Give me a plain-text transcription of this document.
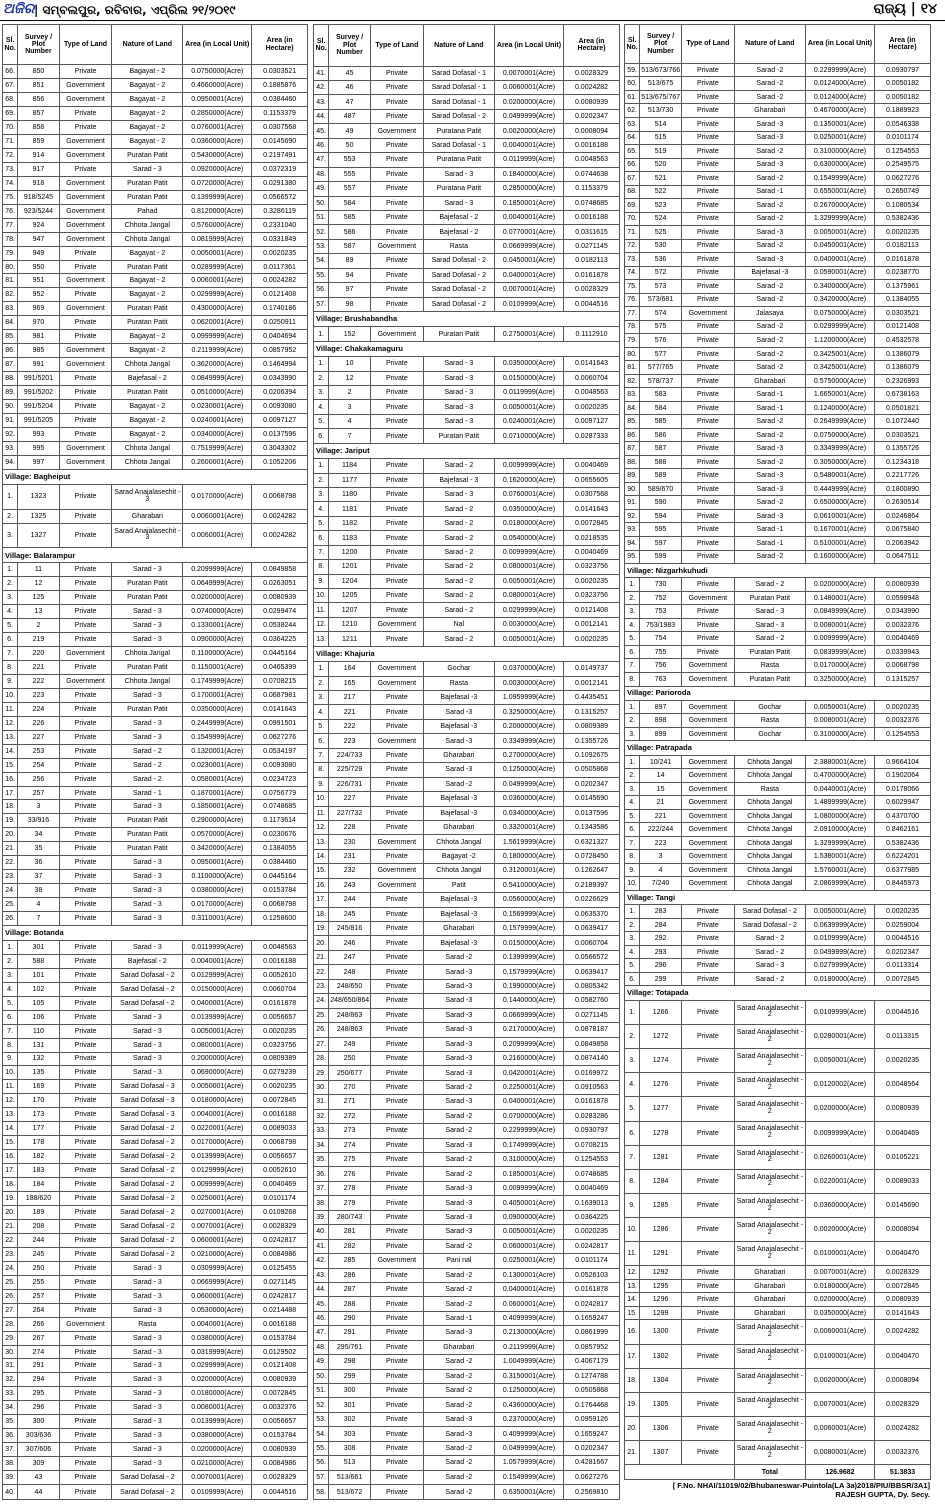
ଅଜିର | ସମ୍ବଲପୁର, ରବିବାର, ଏପ୍ରିଲ ୨୧/୨୦୧୯	ରାଜ୍ୟ | ୧୪
Sl. No.	Survey / Plot Number	Type of Land	Nature of Land	Area (in Local Unit)	Area (in Hectare)
66.	850	Private	Bagayat - 2	0.0750000(Acre)	0.0303521
67.	851	Government	Bagayat - 2	0.4660000(Acre)	0.1885876
68.	856	Government	Bagayat - 2	0.0950001(Acre)	0.0384460
69.	857	Private	Bagayat - 2	0.2850000(Acre)	0.1153379
70.	858	Private	Bagayat - 2	0.0760001(Acre)	0.0307568
71.	859	Government	Bagayat - 2	0.0360000(Acre)	0.0145690
72.	914	Government	Puratan Patit	0.5430000(Acre)	0.2197491
73.	917	Private	Sarad - 3	0.0920000(Acre)	0.0372319
74.	918	Government	Puratan Patit	0.0720000(Acre)	0.0291380
75.	918/5245	Government	Puratan Patit	0.1399999(Acre)	0.0566572
76.	923/5244	Government	Pahad	0.8120000(Acre)	0.3286119
77.	924	Government	Chhota Jangal	0.5760000(Acre)	0.2331040
78.	947	Government	Chhota Jangal	0.0819999(Acre)	0.0331849
79.	949	Private	Bagayat - 2	0.0050001(Acre)	0.0020235
80.	950	Private	Puratan Patit	0.0289999(Acre)	0.0117361
81.	951	Government	Bagayat - 2	0.0060001(Acre)	0.0024282
82.	952	Private	Bagayat - 2	0.0299999(Acre)	0.0121408
83.	969	Government	Puratan Patit	0.4300000(Acre)	0.1740186
84.	970	Private	Puratan Patit	0.0620001(Acre)	0.0250911
85.	981	Private	Bagayat - 2	0.0999999(Acre)	0.0404694
86.	985	Government	Bagayat - 2	0.2119999(Acre)	0.0857952
87.	991	Government	Chhota Jangal	0.3620000(Acre)	0.1464994
88.	991/5201	Private	Bajefasal - 2	0.0849999(Acre)	0.0343990
89.	991/5202	Private	Puratan Patit	0.0510000(Acre)	0.0206394
90.	991/5204	Private	Bagayat - 2	0.0230001(Acre)	0.0093080
91.	991/5205	Private	Bagayat - 2	0.0240001(Acre)	0.0097127
92.	993	Private	Bagayat - 2	0.0340000(Acre)	0.0137596
93.	995	Government	Chhota Jangal	0.7519999(Acre)	0.3043302
94.	997	Government	Chhota Jangal	0.2600001(Acre)	0.1052206
Village: Bagheiput					
1.	1323	Private	Sarad Anajalasechit - 3	0.0170000(Acre)	0.0068798
2.	1325	Private	Gharabari	0.0060001(Acre)	0.0024282
3.	1327	Private	Sarad Anajalasechit - 3	0.0060001(Acre)	0.0024282
Village: Balarampur					
1.	11	Private	Sarad - 3	0.2099999(Acre)	0.0849858
2.	12	Private	Puratan Patit	0.0649999(Acre)	0.0263051
3.	125	Private	Puratan Patit	0.0200000(Acre)	0.0080939
4.	13	Private	Sarad - 3	0.0740000(Acre)	0.0299474
5.	2	Private	Sarad - 3	0.1330001(Acre)	0.0538244
6.	219	Private	Sarad - 3	0.0900000(Acre)	0.0364225
7.	220	Government	Chhota Jangal	0.1100000(Acre)	0.0445164
8.	221	Private	Puratan Patit	0.1150001(Acre)	0.0465399
9.	222	Government	Chhota Jangal	0.1749999(Acre)	0.0708215
10.	223	Private	Sarad - 3	0.1700001(Acre)	0.0687981
11.	224	Private	Puratan Patit	0.0350000(Acre)	0.0141643
12.	226	Private	Sarad - 3	0.2449999(Acre)	0.0991501
13.	227	Private	Sarad - 3	0.1549999(Acre)	0.0627276
14.	253	Private	Sarad - 2	0.1320001(Acre)	0.0534197
15.	254	Private	Sarad - 2	0.0230001(Acre)	0.0093080
16.	256	Private	Sarad - 2	0.0580001(Acre)	0.0234723
17.	257	Private	Sarad - 1	0.1870001(Acre)	0.0756779
18.	3	Private	Sarad - 3	0.1850001(Acre)	0.0748685
19.	33/916	Private	Puratan Patit	0.2900000(Acre)	0.1173614
20.	34	Private	Puratan Patit	0.0570000(Acre)	0.0230676
21.	35	Private	Puratan Patit	0.3420000(Acre)	0.1384055
22.	36	Private	Sarad - 3	0.0950001(Acre)	0.0384460
23.	37	Private	Sarad - 3	0.1100000(Acre)	0.0445164
24.	38	Private	Sarad - 3	0.0380000(Acre)	0.0153784
25.	4	Private	Sarad - 3	0.0170000(Acre)	0.0068798
26.	7	Private	Sarad - 3	0.3110001(Acre)	0.1258600
Village: Botanda					
1.	301	Private	Sarad - 3	0.0119999(Acre)	0.0048563
2.	588	Private	Bajefasal - 2	0.0040001(Acre)	0.0016188
3.	101	Private	Sarad Dofasal - 2	0.0129999(Acre)	0.0052610
4.	102	Private	Sarad Dofasal - 2	0.0150000(Acre)	0.0060704
5.	105	Private	Sarad Dofasal - 2	0.0400001(Acre)	0.0161878
6.	106	Private	Sarad - 3	0.0139999(Acre)	0.0056657
7.	110	Private	Sarad - 3	0.0050001(Acre)	0.0020235
8.	131	Private	Sarad - 3	0.0800001(Acre)	0.0323756
9.	132	Private	Sarad - 3	0.2000000(Acre)	0.0809389
10.	135	Private	Sarad - 3	0.0690000(Acre)	0.0279239
11.	169	Private	Sarad Dofasal - 3	0.0050001(Acre)	0.0020235
12.	170	Private	Sarad Dofasal - 3	0.0180000(Acre)	0.0072845
13.	173	Private	Sarad Dofasal - 3	0.0040001(Acre)	0.0016188
14.	177	Private	Sarad Dofasal - 2	0.0220001(Acre)	0.0089033
15.	178	Private	Sarad Dofasal - 2	0.0170000(Acre)	0.0068798
16.	182	Private	Sarad Dofasal - 2	0.0139999(Acre)	0.0056657
17.	183	Private	Sarad Dofasal - 2	0.0129999(Acre)	0.0052610
18.	184	Private	Sarad Dofasal - 2	0.0099999(Acre)	0.0040469
19.	188/620	Private	Sarad Dofasal - 2	0.0250001(Acre)	0.0101174
20.	189	Private	Sarad Dofasal - 2	0.0270001(Acre)	0.0109268
21.	208	Private	Sarad Dofasal - 2	0.0070001(Acre)	0.0028329
22.	244	Private	Sarad Dofasal - 2	0.0600001(Acre)	0.0242817
23.	245	Private	Sarad Dofasal - 2	0.0210000(Acre)	0.0084986
24.	250	Private	Sarad - 3	0.0309999(Acre)	0.0125455
25.	255	Private	Sarad - 3	0.0669999(Acre)	0.0271145
26.	257	Private	Sarad - 3	0.0600001(Acre)	0.0242817
27.	264	Private	Sarad - 3	0.0530000(Acre)	0.0214488
28.	266	Government	Rasta	0.0040001(Acre)	0.0016188
29.	267	Private	Sarad - 3	0.0380000(Acre)	0.0153784
30.	274	Private	Sarad - 3	0.0319999(Acre)	0.0129502
31.	291	Private	Sarad - 3	0.0299999(Acre)	0.0121408
32.	294	Private	Sarad - 3	0.0200000(Acre)	0.0080939
33.	295	Private	Sarad - 3	0.0180000(Acre)	0.0072845
34.	296	Private	Sarad - 3	0.0080001(Acre)	0.0032376
35.	300	Private	Sarad - 3	0.0139999(Acre)	0.0056657
36.	303/636	Private	Sarad - 3	0.0380000(Acre)	0.0153784
37.	307/606	Private	Sarad - 3	0.0200000(Acre)	0.0080939
38.	309	Private	Sarad - 3	0.0210000(Acre)	0.0084986
39.	43	Private	Sarad Dofasal - 2	0.0070001(Acre)	0.0028329
40.	44	Private	Sarad Dofasal - 2	0.0109999(Acre)	0.0044516
Sl. No.	Survey / Plot Number	Type of Land	Nature of Land	Area (in Local Unit)	Area (in Hectare)
41.	45	Private	Sarad Dofasal - 1	0.0070001(Acre)	0.0028329
42.	46	Private	Sarad Dofasal - 1	0.0060001(Acre)	0.0024282
43.	47	Private	Sarad Dofasal - 1	0.0200000(Acre)	0.0080939
44.	487	Private	Sarad Dofasal - 2	0.0499999(Acre)	0.0202347
45.	49	Government	Puratana Patit	0.0020000(Acre)	0.0008094
46.	50	Private	Sarad Dofasal - 1	0.0040001(Acre)	0.0016188
47.	553	Private	Puratana Patit	0.0119999(Acre)	0.0048563
48.	555	Private	Sarad - 3	0.1840000(Acre)	0.0744638
49.	557	Private	Puratana Patit	0.2850000(Acre)	0.1153379
50.	584	Private	Sarad - 3	0.1850001(Acre)	0.0748685
51.	585	Private	Bajefasal - 2	0.0040001(Acre)	0.0016188
52.	586	Private	Bajefasal - 2	0.0770001(Acre)	0.0311615
53.	587	Government	Rasta	0.0669999(Acre)	0.0271145
54.	89	Private	Sarad Dofasal - 2	0.0450001(Acre)	0.0182113
55.	94	Private	Sarad Dofasal - 2	0.0400001(Acre)	0.0161878
56.	97	Private	Sarad Dofasal - 2	0.0070001(Acre)	0.0028329
57.	98	Private	Sarad Dofasal - 2	0.0109999(Acre)	0.0044516
Village: Brushabandha					
1.	152	Government	Puratan Patit	0.2750001(Acre)	0.1112910
Village: Chakakamaguru					
1.	10	Private	Sarad - 3	0.0350000(Acre)	0.0141643
2.	12	Private	Sarad - 3	0.0150000(Acre)	0.0060704
3.	2	Private	Sarad - 3	0.0119999(Acre)	0.0048563
4.	3	Private	Sarad - 3	0.0050001(Acre)	0.0020235
5.	4	Private	Sarad - 3	0.0240001(Acre)	0.0097127
6.	7	Private	Puratan Patit	0.0710000(Acre)	0.0287333
Village: Jariput					
1.	1184	Private	Sarad - 2	0.0099999(Acre)	0.0040469
2.	1177	Private	Bajefasal - 3	0.1620000(Acre)	0.0655605
3.	1180	Private	Sarad - 3	0.0760001(Acre)	0.0307568
4.	1181	Private	Sarad - 2	0.0350000(Acre)	0.0141643
5.	1182	Private	Sarad - 2	0.0180000(Acre)	0.0072845
6.	1183	Private	Sarad - 2	0.0540000(Acre)	0.0218535
7.	1200	Private	Sarad - 2	0.0099999(Acre)	0.0040469
8.	1201	Private	Sarad - 2	0.0800001(Acre)	0.0323756
9.	1204	Private	Sarad - 2	0.0050001(Acre)	0.0020235
10.	1205	Private	Sarad - 2	0.0800001(Acre)	0.0323756
11.	1207	Private	Sarad - 2	0.0299999(Acre)	0.0121408
12.	1210	Government	Nal	0.0030000(Acre)	0.0012141
13.	1211	Private	Sarad - 2	0.0050001(Acre)	0.0020235
Village: Khajuria					
1.	164	Government	Gochar	0.0370000(Acre)	0.0149737
2.	165	Government	Rasta	0.0030000(Acre)	0.0012141
3.	217	Private	Bajefasal -3	1.0959999(Acre)	0.4435451
4.	221	Private	Sarad -3	0.3250000(Acre)	0.1315257
5.	222	Private	Bajefasal -3	0.2000000(Acre)	0.0809389
6.	223	Government	Sarad -3	0.3349999(Acre)	0.1355726
7.	224/733	Private	Gharabari	0.2700000(Acre)	0.1092675
8.	225/729	Private	Sarad -3	0.1250000(Acre)	0.0505868
9.	226/731	Private	Sarad -2	0.0499999(Acre)	0.0202347
10.	227	Private	Bajefasal -3	0.0360000(Acre)	0.0145690
11.	227/732	Private	Bajefasal -3	0.0340000(Acre)	0.0137596
12.	228	Private	Gharabari	0.3320001(Acre)	0.1343586
13.	230	Government	Chhota Jangal	1.5619999(Acre)	0.6321327
14.	231	Private	Bagayat -2	0.1800000(Acre)	0.0728450
15.	232	Government	Chhota Jangal	0.3120001(Acre)	0.1262647
16.	243	Government	Patit	0.5410000(Acre)	0.2189397
17.	244	Private	Bajefasal -3	0.0560000(Acre)	0.0226629
18.	245	Private	Bajefasal -3	0.1569999(Acre)	0.0635370
19.	245/816	Private	Gharabari	0.1579999(Acre)	0.0639417
20.	246	Private	Bajefasal -3	0.0150000(Acre)	0.0060704
21.	247	Private	Sarad -2	0.1399999(Acre)	0.0566572
22.	248	Private	Sarad -3	0.1579999(Acre)	0.0639417
23.	248/650	Private	Sarad -3	0.1990000(Acre)	0.0805342
24.	248/650/864	Private	Sarad -3	0.1440000(Acre)	0.0582760
25.	248/863	Private	Sarad -3	0.0669999(Acre)	0.0271145
26.	248/863	Private	Sarad -3	0.2170000(Acre)	0.0878187
27.	249	Private	Sarad -3	0.2099999(Acre)	0.0849858
28.	250	Private	Sarad -3	0.2160000(Acre)	0.0874140
29.	250/677	Private	Sarad -3	0.0420001(Acre)	0.0169972
30.	270	Private	Sarad -2	0.2250001(Acre)	0.0910563
31.	271	Private	Sarad -3	0.0400001(Acre)	0.0161878
32.	272	Private	Sarad -2	0.0700000(Acre)	0.0283286
33.	273	Private	Sarad -2	0.2299999(Acre)	0.0930797
34.	274	Private	Sarad -3	0.1749999(Acre)	0.0708215
35.	275	Private	Sarad -2	0.3100000(Acre)	0.1254553
36.	276	Private	Sarad -2	0.1850001(Acre)	0.0748685
37.	278	Private	Sarad -3	0.0099999(Acre)	0.0040469
38.	279	Private	Sarad -3	0.4050001(Acre)	0.1639013
39.	280/743	Private	Sarad -3	0.0900000(Acre)	0.0364225
40.	281	Private	Sarad -3	0.0050001(Acre)	0.0020235
41.	282	Private	Sarad -2	0.0600001(Acre)	0.0242817
42.	285	Government	Pani nal	0.0250001(Acre)	0.0101174
43.	286	Private	Sarad -2	0.1300001(Acre)	0.0526103
44.	287	Private	Sarad -2	0.0400001(Acre)	0.0161878
45.	288	Private	Sarad -2	0.0600001(Acre)	0.0242817
46.	290	Private	Sarad -1	0.4099999(Acre)	0.1659247
47.	291	Private	Sarad -3	0.2130000(Acre)	0.0861999
48.	295/761	Private	Gharabari	0.2119999(Acre)	0.0857952
49.	298	Private	Sarad -2	1.0049999(Acre)	0.4067179
50.	299	Private	Sarad -2	0.3150001(Acre)	0.1274788
51.	300	Private	Sarad -2	0.1250000(Acre)	0.0505868
52.	301	Private	Sarad -2	0.4360000(Acre)	0.1764468
53.	302	Private	Sarad -3	0.2370000(Acre)	0.0959126
54.	303	Private	Sarad -3	0.4099999(Acre)	0.1659247
55.	308	Private	Sarad -2	0.0499999(Acre)	0.0202347
56.	513	Private	Sarad -2	1.0579999(Acre)	0.4281667
57.	513/661	Private	Sarad -2	0.1549999(Acre)	0.0627276
58.	513/672	Private	Sarad -2	0.6350001(Acre)	0.2569810
Sl. No.	Survey / Plot Number	Type of Land	Nature of Land	Area (in Local Unit)	Area (in Hectare)
59.	513/673/766	Private	Sarad -2	0.2299999(Acre)	0.0930797
60.	513/675	Private	Sarad -2	0.0124000(Acre)	0.0050182
61.	513/675/767	Private	Sarad -2	0.0124000(Acre)	0.0050182
62.	513/730	Private	Gharabari	0.4670000(Acre)	0.1889923
63.	514	Private	Sarad -3	0.1350001(Acre)	0.0546338
64.	515	Private	Sarad -3	0.0250001(Acre)	0.0101174
65.	519	Private	Sarad -2	0.3100000(Acre)	0.1254553
66.	520	Private	Sarad -3	0.6300000(Acre)	0.2549575
67.	521	Private	Sarad -2	0.1549999(Acre)	0.0627276
68.	522	Private	Sarad -1	0.6550001(Acre)	0.2650749
69.	523	Private	Sarad -2	0.2670000(Acre)	0.1080534
70.	524	Private	Sarad -2	1.3299999(Acre)	0.5382436
71.	525	Private	Sarad -3	0.0050001(Acre)	0.0020235
72.	530	Private	Sarad -2	0.0450001(Acre)	0.0182113
73.	536	Private	Sarad -3	0.0400001(Acre)	0.0161878
74.	572	Private	Bajefasal -3	0.0590001(Acre)	0.0238770
75.	573	Private	Sarad -2	0.3400000(Acre)	0.1375961
76.	573/681	Private	Sarad -2	0.3420000(Acre)	0.1384055
77.	574	Government	Jalasaya	0.0750000(Acre)	0.0303521
78.	575	Private	Sarad -2	0.0299999(Acre)	0.0121408
79.	576	Private	Sarad -2	1.1200000(Acre)	0.4532578
80.	577	Private	Sarad -2	0.3425001(Acre)	0.1386079
81.	577/765	Private	Sarad -2	0.3425001(Acre)	0.1386079
82.	578/737	Private	Gharabari	0.5750000(Acre)	0.2326993
83.	583	Private	Sarad -1	1.6650001(Acre)	0.6738163
84.	584	Private	Sarad -1	0.1240000(Acre)	0.0501821
85.	585	Private	Sarad -2	0.2649999(Acre)	0.1072440
86.	586	Private	Sarad -2	0.0750000(Acre)	0.0303521
87.	587	Private	Sarad -3	0.3349999(Acre)	0.1355726
88.	588	Private	Sarad -2	0.3050000(Acre)	0.1234318
89.	589	Private	Sarad -3	0.5480001(Acre)	0.2217726
90.	589/670	Private	Sarad -3	0.4449999(Acre)	0.1800890
91.	590	Private	Sarad -2	0.6500000(Acre)	0.2630514
92.	594	Private	Sarad -3	0.0610001(Acre)	0.0246864
93.	595	Private	Sarad -1	0.1670001(Acre)	0.0675840
94.	597	Private	Sarad -1	0.5100001(Acre)	0.2063942
95.	599	Private	Sarad -2	0.1600000(Acre)	0.0647511
Village: Nizgarhkuhudi					
1.	730	Private	Sarad - 2	0.0200000(Acre)	0.0080939
2.	752	Government	Puratan Patit	0.1480001(Acre)	0.0598948
3.	753	Private	Sarad - 3	0.0849999(Acre)	0.0343990
4.	753/1983	Private	Sarad - 3	0.0080001(Acre)	0.0032376
5.	754	Private	Sarad - 2	0.0099999(Acre)	0.0040469
6.	755	Private	Puratan Patit	0.0839999(Acre)	0.0339943
7.	756	Government	Rasta	0.0170000(Acre)	0.0068798
8.	763	Government	Puratan Patit	0.3250000(Acre)	0.1315257
Village: Parioroda					
1.	897	Government	Gochar	0.0050001(Acre)	0.0020235
2.	898	Government	Rasta	0.0080001(Acre)	0.0032376
3.	899	Government	Gochar	0.3100000(Acre)	0.1254553
Village: Patrapada					
1.	10/241	Government	Chhota Jangal	2.3880001(Acre)	0.9664104
2.	14	Government	Chhota Jangal	0.4700000(Acre)	0.1902064
3.	15	Government	Rasta	0.0440001(Acre)	0.0178066
4.	21	Government	Chhota Jangal	1.4899999(Acre)	0.6029947
5.	221	Government	Chhota Jangal	1.0800000(Acre)	0.4370700
6.	222/244	Government	Chhota Jangal	2.0910000(Acre)	0.8462161
7.	223	Government	Chhota Jangal	1.3299999(Acre)	0.5382436
8.	3	Government	Chhota Jangal	1.5380001(Acre)	0.6224201
9.	4	Government	Chhota Jangal	1.5760001(Acre)	0.6377985
10.	7/240	Government	Chhota Jangal	2.0869999(Acre)	0.8445973
Village: Tangi					
1.	283	Private	Sarad Dofasal - 2	0.0050001(Acre)	0.0020235
2.	284	Private	Sarad Dofasal - 2	0.0639999(Acre)	0.0259004
3.	292	Private	Sarad - 2	0.0109999(Acre)	0.0044516
4.	293	Private	Sarad - 2	0.0499999(Acre)	0.0202347
5.	296	Private	Sarad - 3	0.0279999(Acre)	0.0113314
6.	299	Private	Sarad - 2	0.0180000(Acre)	0.0072845
Village: Totapada					
1.	1266	Private	Sarad Anajalasechit - 2	0.0109999(Acre)	0.0044516
2.	1272	Private	Sarad Anajalasechit - 2	0.0280001(Acre)	0.0113315
3.	1274	Private	Sarad Anajalasechit - 2	0.0050001(Acre)	0.0020235
4.	1276	Private	Sarad Anajalasechit - 2	0.0120002(Acre)	0.0048564
5.	1277	Private	Sarad Anajalasechit - 2	0.0200000(Acre)	0.0080939
6.	1278	Private	Sarad Anajalasechit - 2	0.0099999(Acre)	0.0040469
7.	1281	Private	Sarad Anajalasechit - 2	0.0260001(Acre)	0.0105221
8.	1284	Private	Sarad Anajalasechit - 2	0.0220001(Acre)	0.0089033
9.	1285	Private	Sarad Anajalasechit - 2	0.0360000(Acre)	0.0145690
10.	1286	Private	Sarad Anajalasechit - 2	0.0020000(Acre)	0.0008094
11.	1291	Private	Sarad Anajalasechit - 2	0.0100001(Acre)	0.0040470
12.	1292	Private	Gharabari	0.0070001(Acre)	0.0028329
13.	1295	Private	Gharabari	0.0180000(Acre)	0.0072845
14.	1296	Private	Gharabari	0.0200000(Acre)	0.0080939
15.	1299	Private	Gharabari	0.0350000(Acre)	0.0141643
16.	1300	Private	Sarad Anajalasechit - 2	0.0060001(Acre)	0.0024282
17.	1302	Private	Sarad Anajalasechit - 2	0.0100001(Acre)	0.0040470
18.	1304	Private	Sarad Anajalasechit - 2	0.0020000(Acre)	0.0008094
19.	1305	Private	Sarad Anajalasechit - 2	0.0070001(Acre)	0.0028329
20.	1306	Private	Sarad Anajalasechit - 2	0.0060001(Acre)	0.0024282
21.	1307	Private	Sarad Anajalasechit - 2	0.0080001(Acre)	0.0032376
			Total	126.9682	51.3833
[ F.No. NHAI/11019/02/Bhubaneswar-Puintola(LA 3a)2018/PIU/BBSR/3A1]
RAJESH GUPTA, Dy. Secy.
